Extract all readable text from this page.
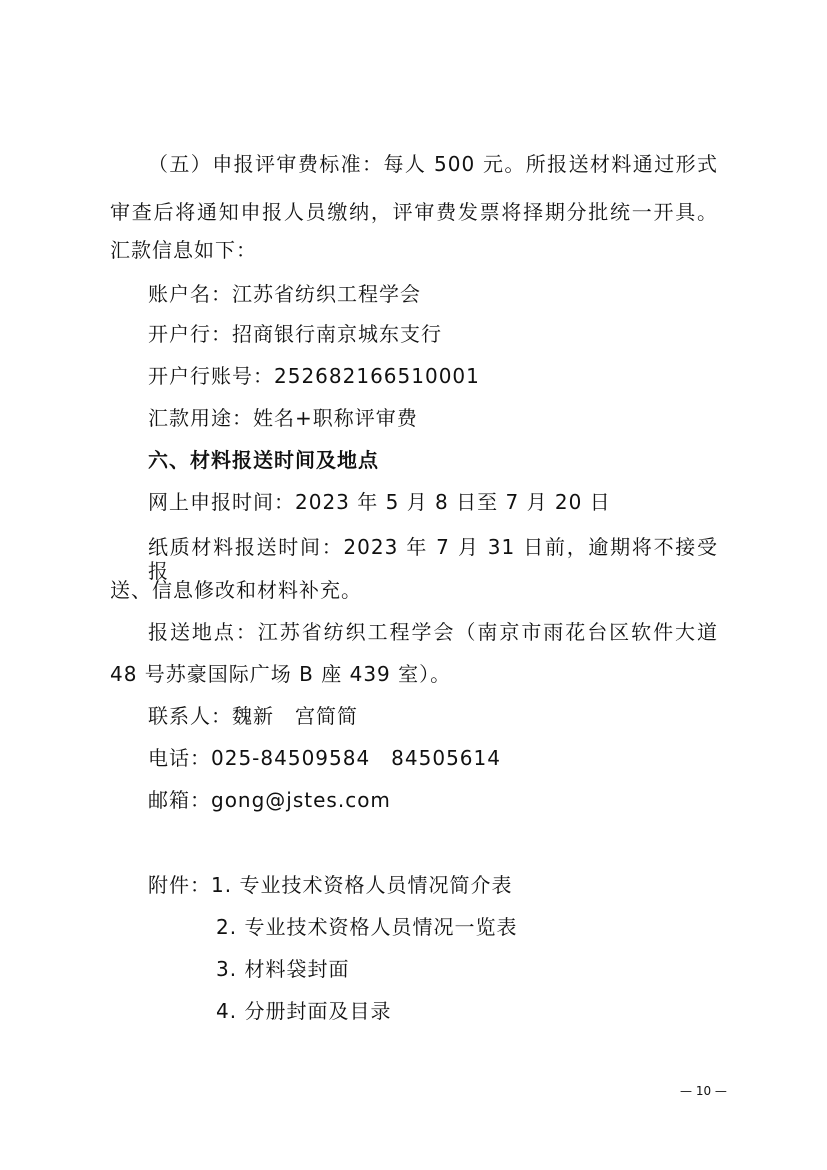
（五）申报评审费标准：每人 500 元。所报送材料通过形式
审查后将通知申报人员缴纳，评审费发票将择期分批统一开具。
汇款信息如下：
账户名：江苏省纺织工程学会
开户行：招商银行南京城东支行
开户行账号：252682166510001
汇款用途：姓名+职称评审费
六、材料报送时间及地点
网上申报时间：2023 年 5 月 8 日至 7 月 20 日
纸质材料报送时间：2023 年 7 月 31 日前，逾期将不接受报
送、信息修改和材料补充。
报送地点：江苏省纺织工程学会（南京市雨花台区软件大道
48 号苏豪国际广场 B 座 439 室）。
联系人：魏新　宫简简
电话：025-84509584　84505614
邮箱：gong@jstes.com
附件：1. 专业技术资格人员情况简介表
2. 专业技术资格人员情况一览表
3. 材料袋封面
4. 分册封面及目录
— 10 —
